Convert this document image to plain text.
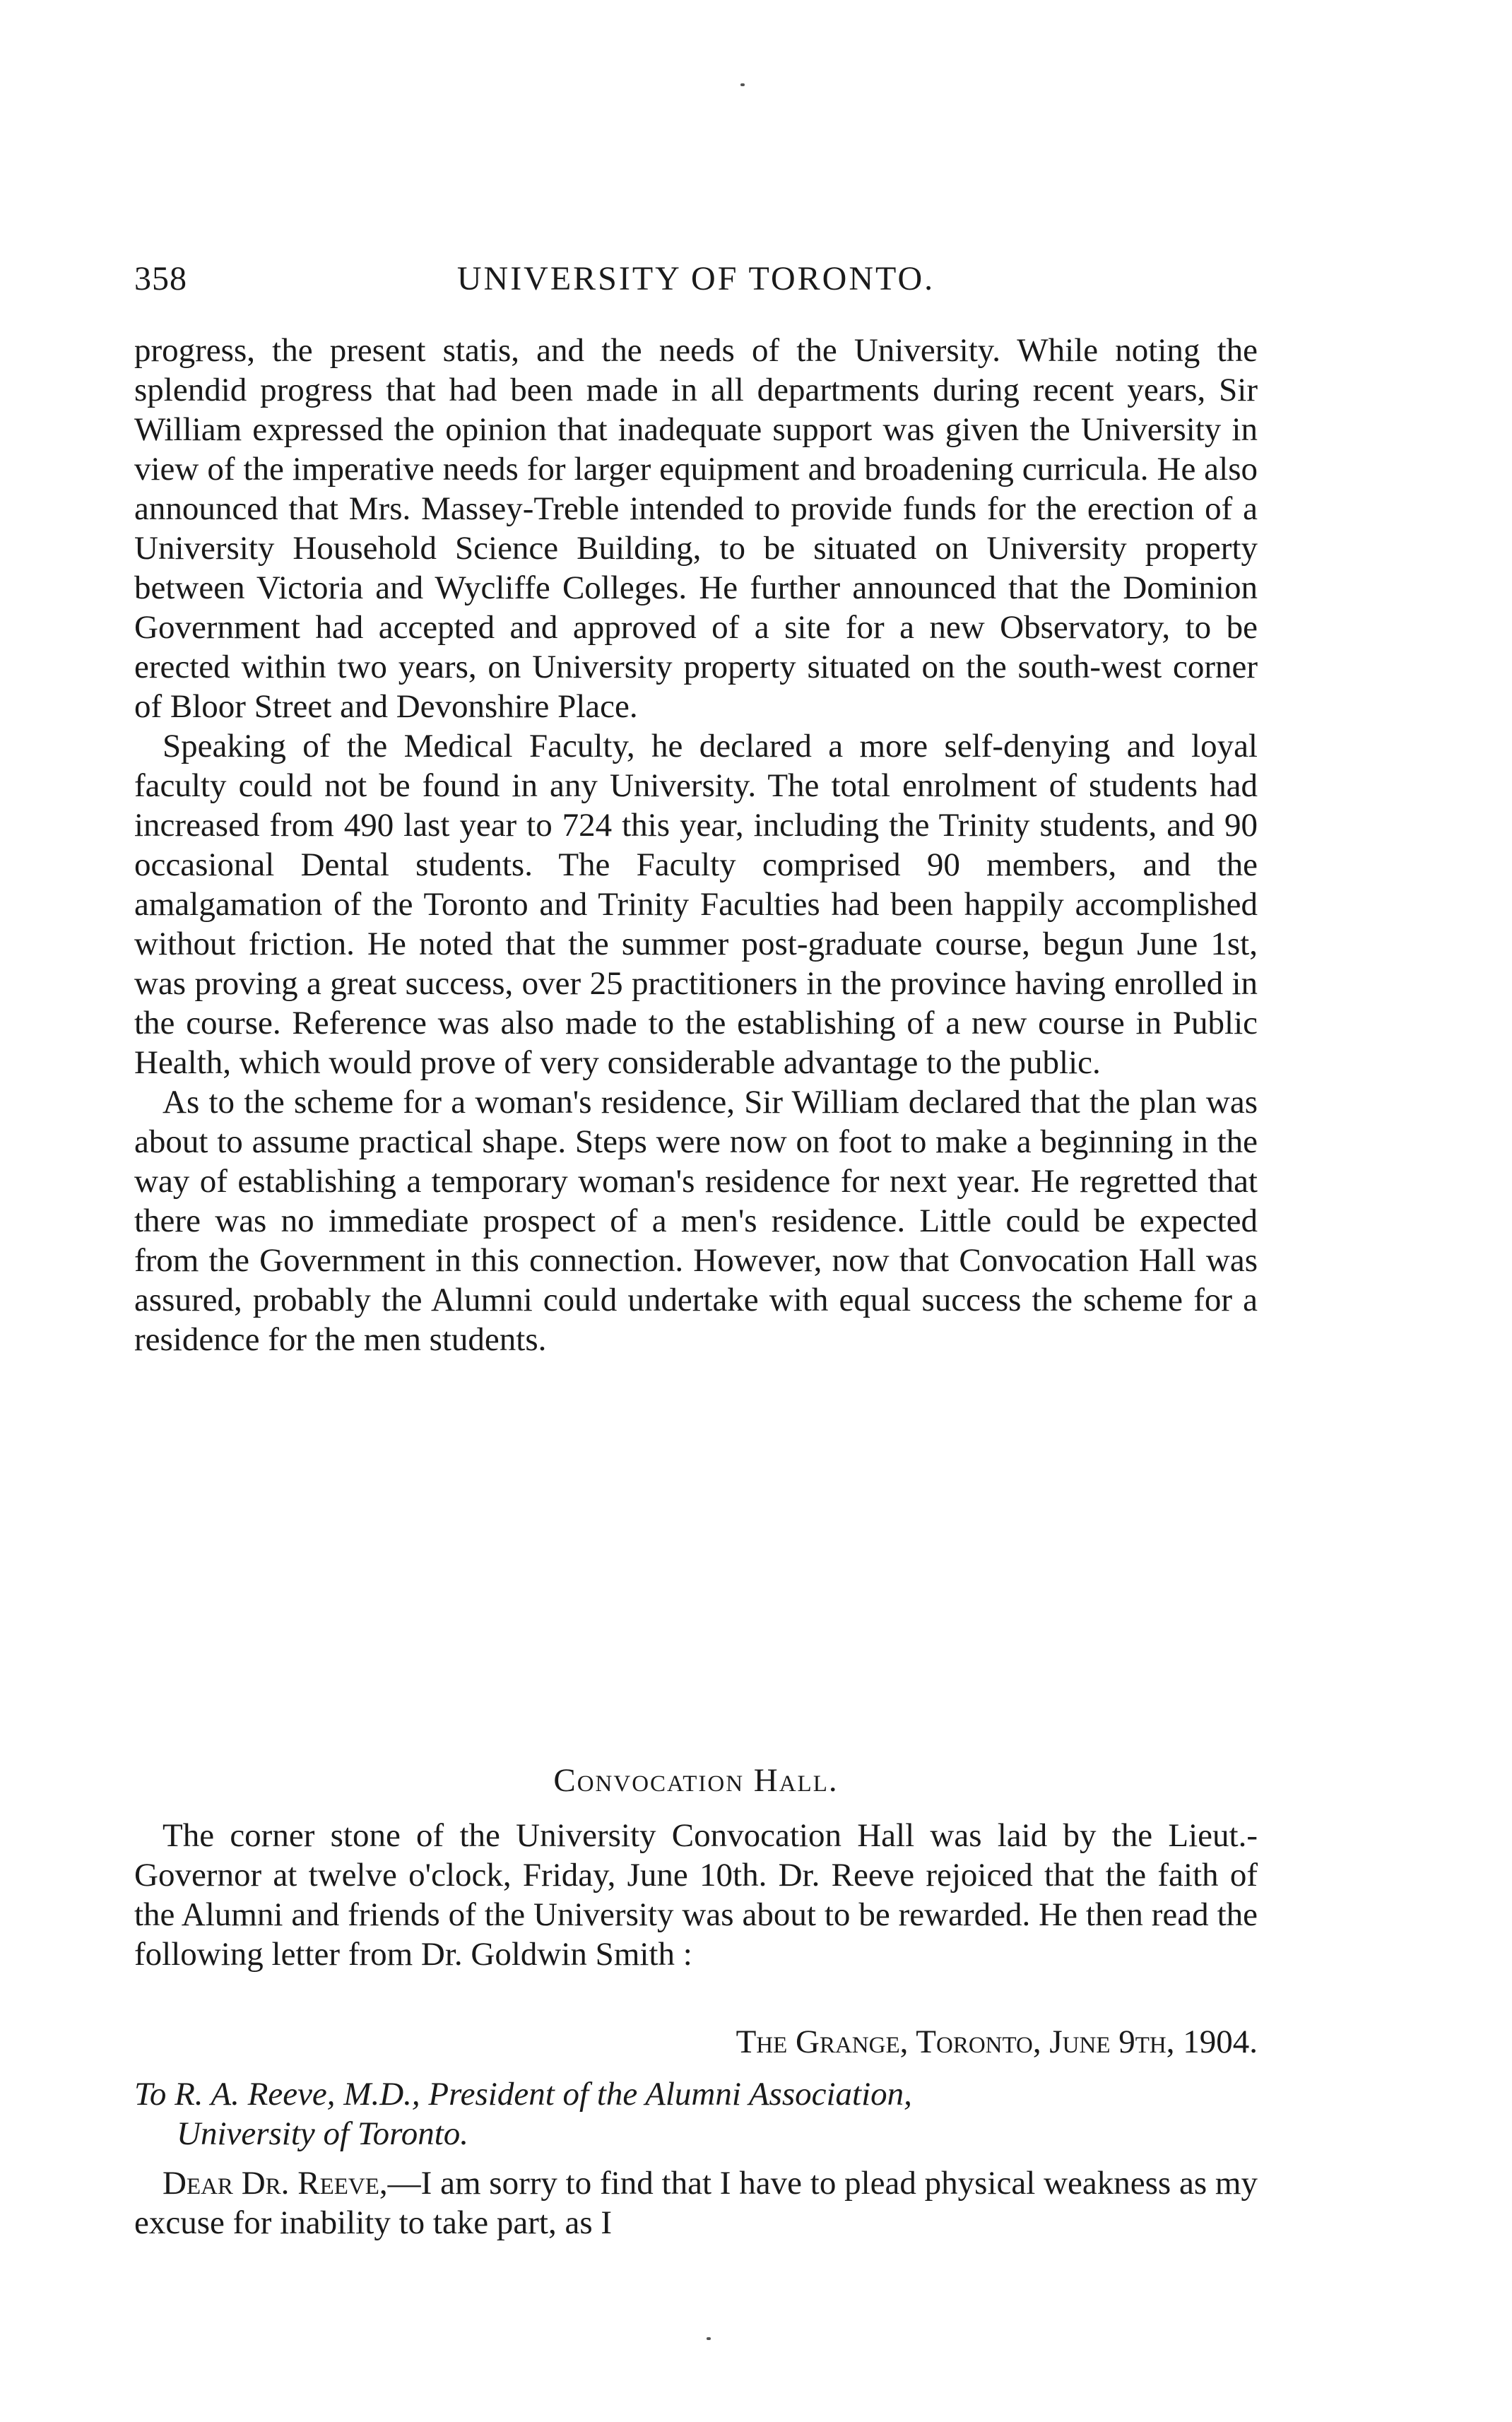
358	UNIVERSITY OF TORONTO.

progress, the present statis, and the needs of the University. While noting the splendid progress that had been made in all departments during recent years, Sir William expressed the opinion that inadequate support was given the University in view of the imperative needs for larger equipment and broadening curricula. He also announced that Mrs. Massey-Treble intended to provide funds for the erection of a University Household Science Building, to be situated on University property between Victoria and Wycliffe Colleges. He further announced that the Dominion Government had accepted and approved of a site for a new Observatory, to be erected within two years, on University property situated on the south-west corner of Bloor Street and Devonshire Place.

Speaking of the Medical Faculty, he declared a more self-denying and loyal faculty could not be found in any University. The total enrolment of students had increased from 490 last year to 724 this year, including the Trinity students, and 90 occasional Dental students. The Faculty comprised 90 members, and the amalgamation of the Toronto and Trinity Faculties had been happily accomplished without friction. He noted that the summer post-graduate course, begun June 1st, was proving a great success, over 25 practitioners in the province having enrolled in the course. Reference was also made to the establishing of a new course in Public Health, which would prove of very considerable advantage to the public.

As to the scheme for a woman's residence, Sir William declared that the plan was about to assume practical shape. Steps were now on foot to make a beginning in the way of establishing a temporary woman's residence for next year. He regretted that there was no immediate prospect of a men's residence. Little could be expected from the Government in this connection. However, now that Convocation Hall was assured, probably the Alumni could undertake with equal success the scheme for a residence for the men students.

Convocation Hall.
The corner stone of the University Convocation Hall was laid by the Lieut.-Governor at twelve o'clock, Friday, June 10th. Dr. Reeve rejoiced that the faith of the Alumni and friends of the University was about to be rewarded. He then read the following letter from Dr. Goldwin Smith :
The Grange, Toronto, June 9th, 1904.
To R. A. Reeve, M.D., President of the Alumni Association,
University of Toronto.

Dear Dr. Reeve,—I am sorry to find that I have to plead physical weakness as my excuse for inability to take part, as I
